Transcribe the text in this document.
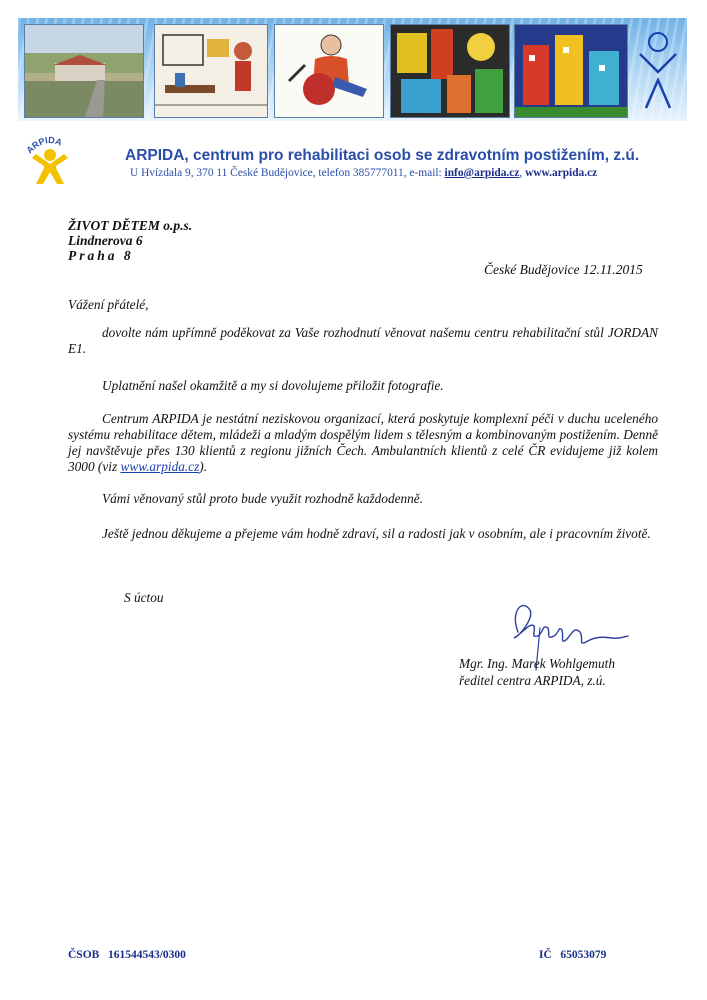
ARPIDA
ARPIDA, centrum pro rehabilitaci osob se zdravotním postižením, z.ú.
U Hvízdala 9, 370 11 České Budějovice, telefon 385777011, e-mail: info@arpida.cz, www.arpida.cz
ŽIVOT DĚTEM o.p.s.
Lindnerova 6
Praha 8
České Budějovice 12.11.2015

Vážení přátelé,

dovolte nám upřímně poděkovat za Vaše rozhodnutí věnovat našemu centru rehabilitační stůl JORDAN E1.

Uplatnění našel okamžitě a my si dovolujeme přiložit fotografie.

Centrum ARPIDA je nestátní neziskovou organizací, která poskytuje komplexní péči v duchu uceleného systému rehabilitace dětem, mládeži a mladým dospělým lidem s tělesným a kombinovaným postižením. Denně jej navštěvuje přes 130 klientů z regionu jižních Čech. Ambulantních klientů z celé ČR evidujeme již kolem 3000 (viz www.arpida.cz).

Vámi věnovaný stůl proto bude využit rozhodně každodenně.

Ještě jednou děkujeme a přejeme vám hodně zdraví, sil a radosti jak v osobním, ale i pracovním životě.

S úctou
Mgr. Ing. Marek Wohlgemuth
ředitel centra ARPIDA, z.ú.
ČSOB   161544543/0300	IČ   65053079
